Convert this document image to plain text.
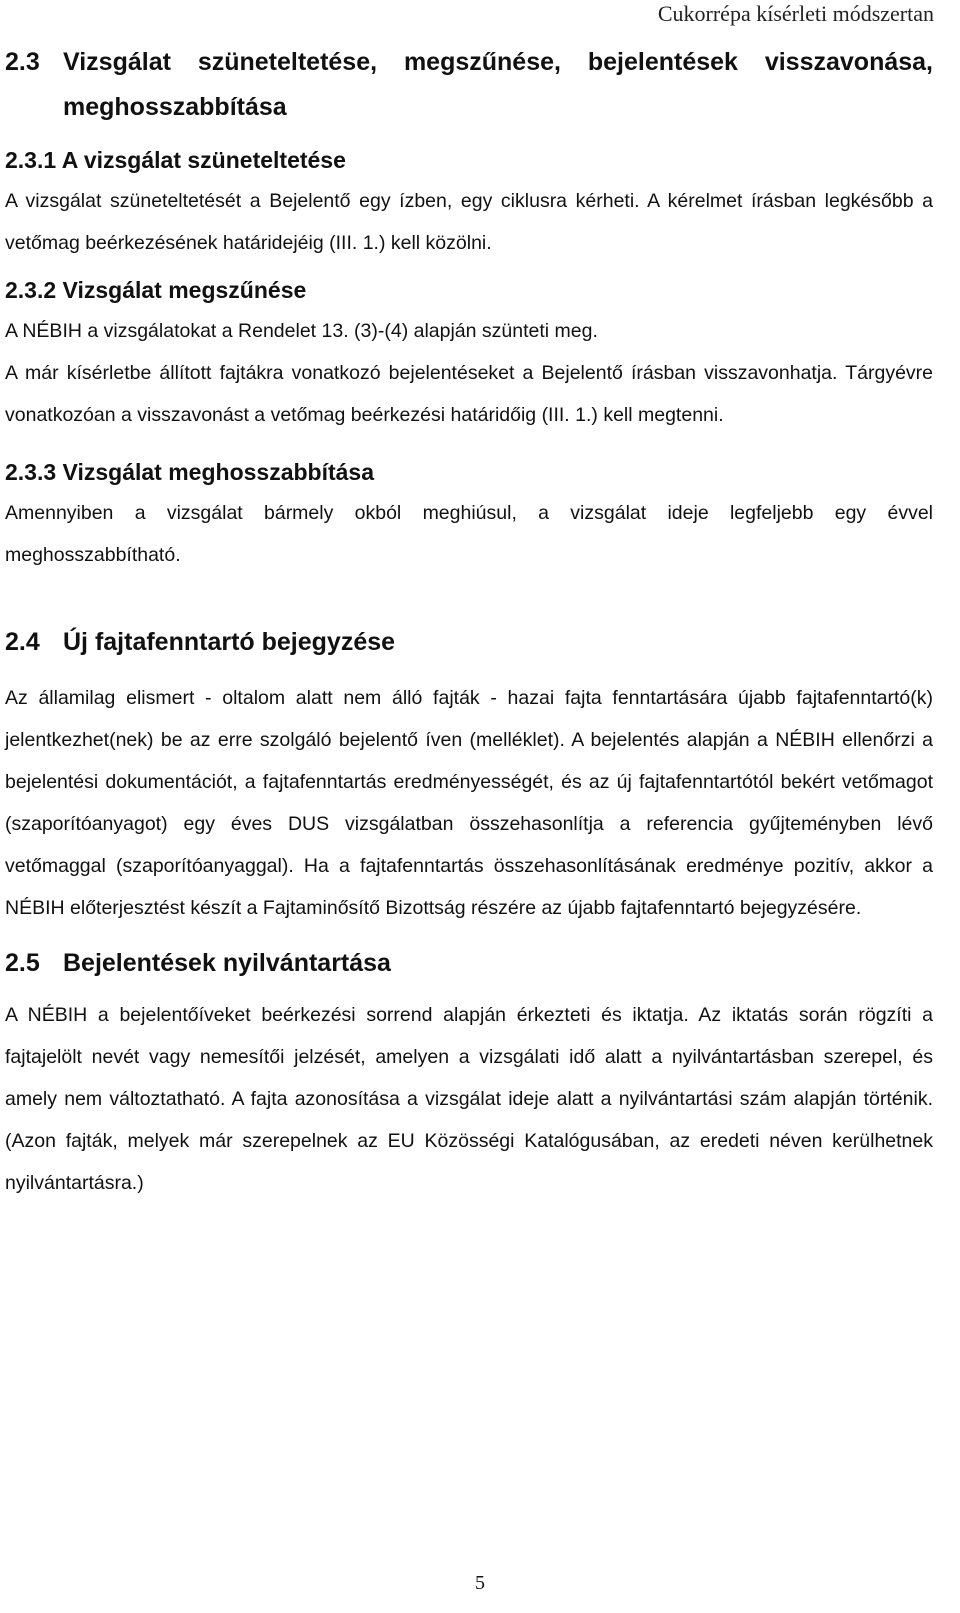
Cukorrépa kísérleti módszertan
2.3 Vizsgálat szüneteltetése, megszűnése, bejelentések visszavonása, meghosszabbítása
2.3.1 A vizsgálat szüneteltetése

A vizsgálat szüneteltetését a Bejelentő egy ízben, egy ciklusra kérheti. A kérelmet írásban legkésőbb a vetőmag beérkezésének határidejéig (III. 1.) kell közölni.

2.3.2 Vizsgálat megszűnése

A NÉBIH a vizsgálatokat a Rendelet 13. (3)-(4) alapján szünteti meg.

A már kísérletbe állított fajtákra vonatkozó bejelentéseket a Bejelentő írásban visszavonhatja. Tárgyévre vonatkozóan a visszavonást a vetőmag beérkezési határidőig (III. 1.) kell megtenni.

2.3.3 Vizsgálat meghosszabbítása

Amennyiben a vizsgálat bármely okból meghiúsul, a vizsgálat ideje legfeljebb egy évvel meghosszabbítható.

2.4 Új fajtafenntartó bejegyzése

Az államilag elismert - oltalom alatt nem álló fajták - hazai fajta fenntartására újabb fajtafenntartó(k) jelentkezhet(nek) be az erre szolgáló bejelentő íven (melléklet). A bejelentés alapján a NÉBIH ellenőrzi a bejelentési dokumentációt, a fajtafenntartás eredményességét, és az új fajtafenntartótól bekért vetőmagot (szaporítóanyagot) egy éves DUS vizsgálatban összehasonlítja a referencia gyűjteményben lévő vetőmaggal (szaporítóanyaggal). Ha a fajtafenntartás összehasonlításának eredménye pozitív, akkor a NÉBIH előterjesztést készít a Fajtaminősítő Bizottság részére az újabb fajtafenntartó bejegyzésére.

2.5 Bejelentések nyilvántartása

A NÉBIH a bejelentőíveket beérkezési sorrend alapján érkezteti és iktatja. Az iktatás során rögzíti a fajtajelölt nevét vagy nemesítői jelzését, amelyen a vizsgálati idő alatt a nyilvántartásban szerepel, és amely nem változtatható. A fajta azonosítása a vizsgálat ideje alatt a nyilvántartási szám alapján történik. (Azon fajták, melyek már szerepelnek az EU Közösségi Katalógusában, az eredeti néven kerülhetnek nyilvántartásra.)

5
